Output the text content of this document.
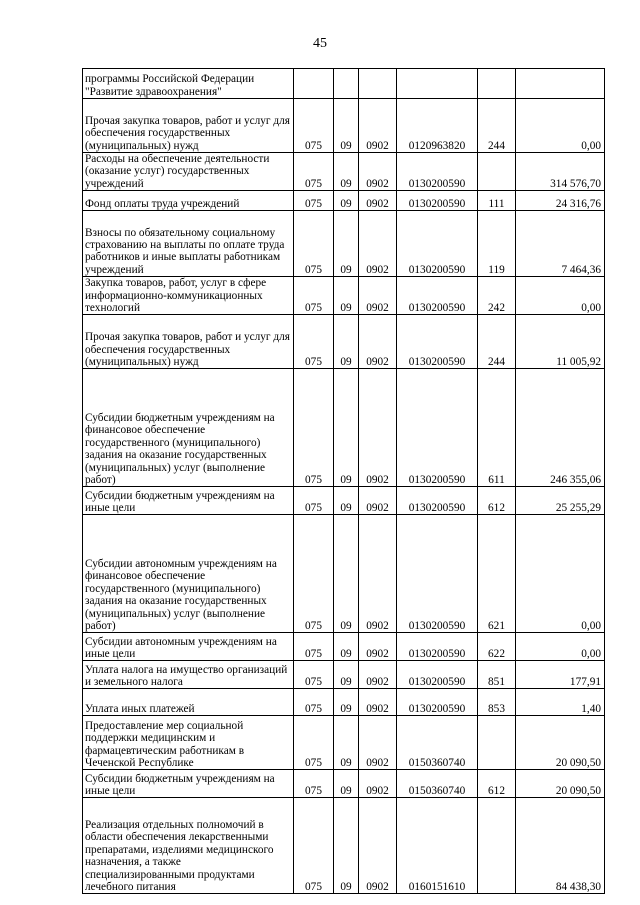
45
программы Российской Федерации "Развитие здравоохранения"						
Прочая закупка товаров, работ и услуг для обеспечения государственных (муниципальных) нужд	075	09	0902	0120963820	244	0,00
Расходы на обеспечение деятельности (оказание услуг) государственных учреждений	075	09	0902	0130200590		314 576,70
Фонд оплаты труда учреждений	075	09	0902	0130200590	111	24 316,76
Взносы по обязательному социальному страхованию на выплаты по оплате труда работников и иные выплаты работникам учреждений	075	09	0902	0130200590	119	7 464,36
Закупка товаров, работ, услуг в сфере информационно-коммуникационных технологий	075	09	0902	0130200590	242	0,00
Прочая закупка товаров, работ и услуг для обеспечения государственных (муниципальных) нужд	075	09	0902	0130200590	244	11 005,92
Субсидии бюджетным учреждениям на финансовое обеспечение государственного (муниципального) задания на оказание государственных (муниципальных) услуг (выполнение работ)	075	09	0902	0130200590	611	246 355,06
Субсидии бюджетным учреждениям на иные цели	075	09	0902	0130200590	612	25 255,29
Субсидии автономным учреждениям на финансовое обеспечение государственного (муниципального) задания на оказание государственных (муниципальных) услуг (выполнение работ)	075	09	0902	0130200590	621	0,00
Субсидии автономным учреждениям на иные цели	075	09	0902	0130200590	622	0,00
Уплата налога на имущество организаций и земельного налога	075	09	0902	0130200590	851	177,91
Уплата иных платежей	075	09	0902	0130200590	853	1,40
Предоставление мер социальной поддержки медицинским и фармацевтическим работникам в Чеченской Республике	075	09	0902	0150360740		20 090,50
Субсидии бюджетным учреждениям на иные цели	075	09	0902	0150360740	612	20 090,50
Реализация отдельных полномочий в области обеспечения лекарственными препаратами, изделиями медицинского назначения, а также специализированными продуктами лечебного питания	075	09	0902	0160151610		84 438,30
